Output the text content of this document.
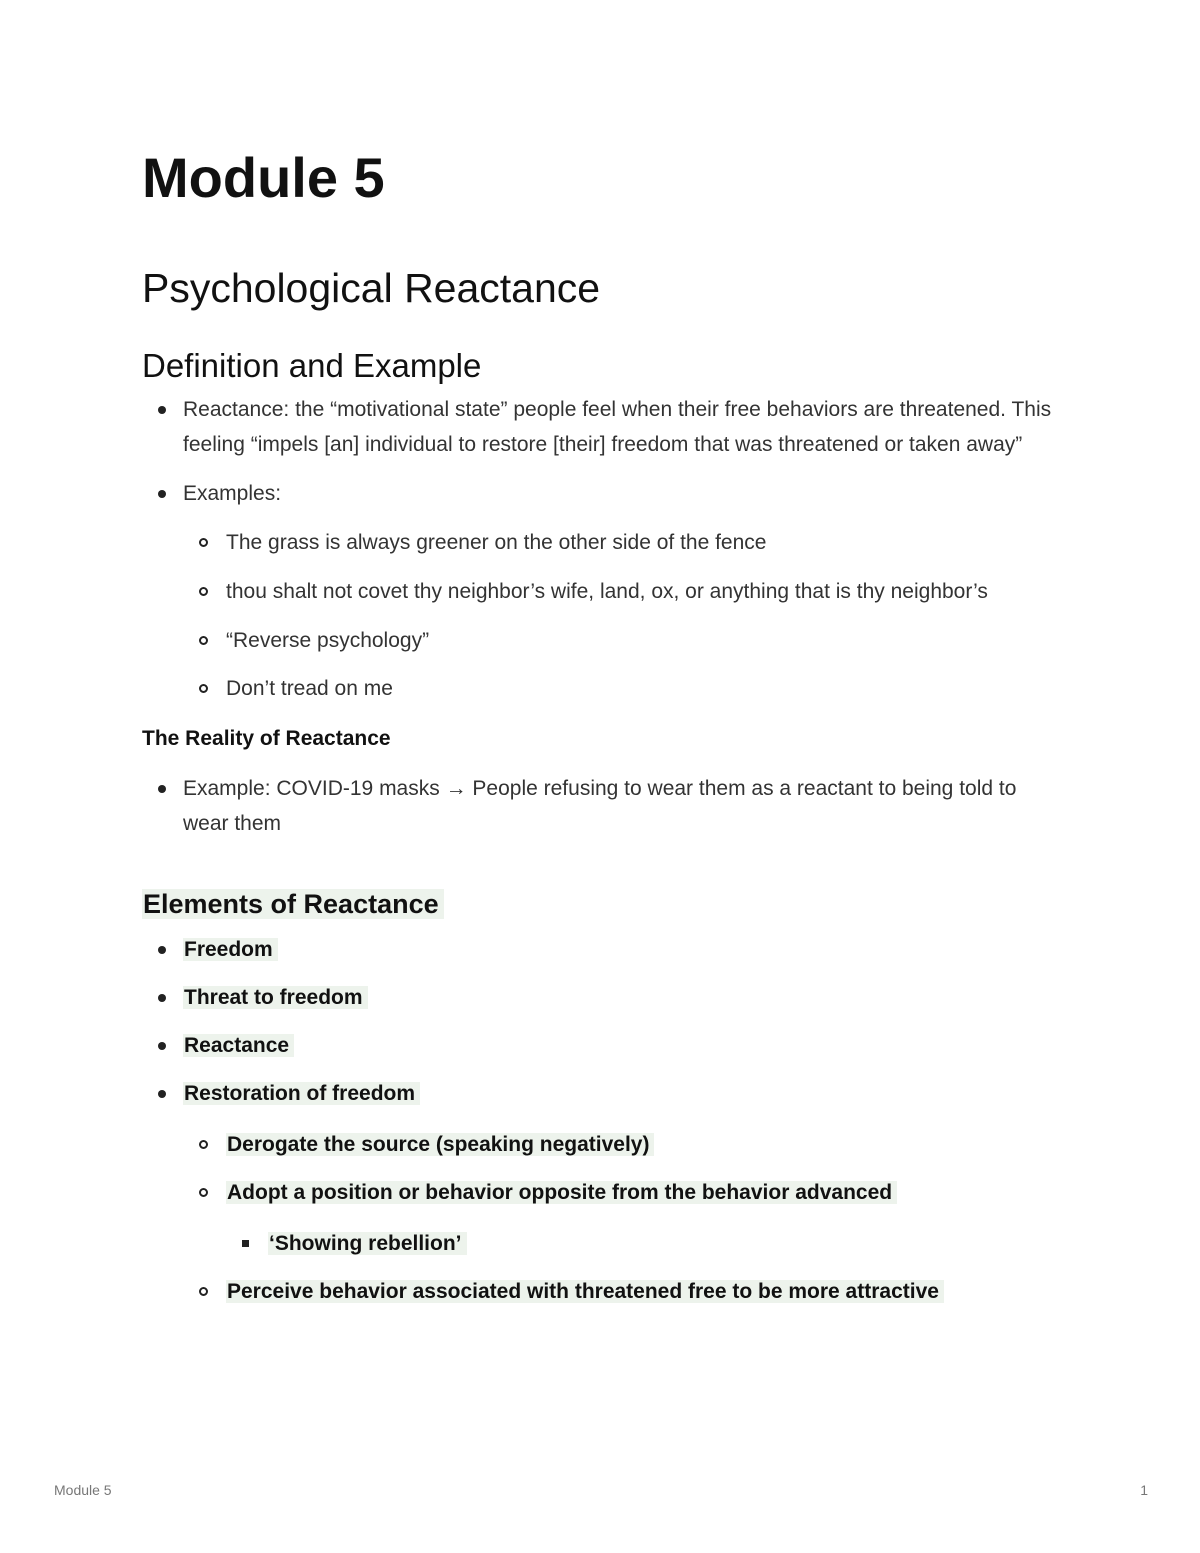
Module 5
Psychological Reactance
Definition and Example
Reactance: the “motivational state” people feel when their free behaviors are threatened. This feeling “impels [an] individual to restore [their] freedom that was threatened or taken away”
Examples:
The grass is always greener on the other side of the fence
thou shalt not covet thy neighbor’s wife, land, ox, or anything that is thy neighbor’s
“Reverse psychology”
Don’t tread on me
The Reality of Reactance
Example: COVID-19 masks → People refusing to wear them as a reactant to being told to wear them
Elements of Reactance
Freedom
Threat to freedom
Reactance
Restoration of freedom
Derogate the source (speaking negatively)
Adopt a position or behavior opposite from the behavior advanced
‘Showing rebellion’
Perceive behavior associated with threatened free to be more attractive
Module 5	1
